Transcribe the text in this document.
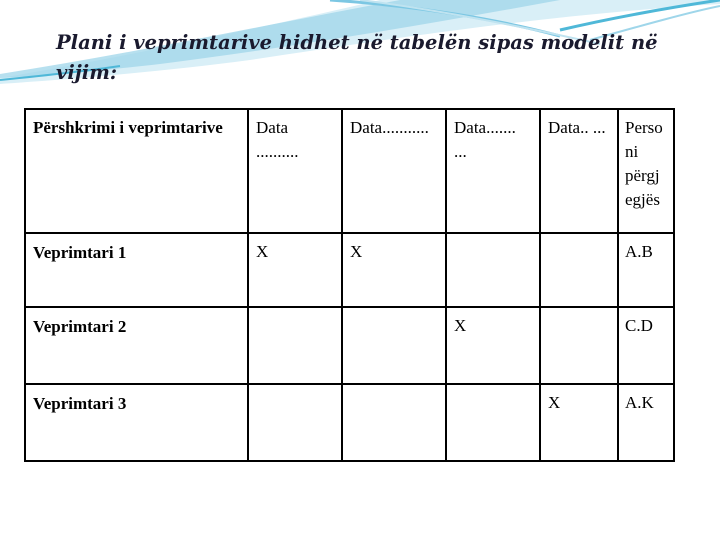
Plani i veprimtarive hidhet në tabelën sipas modelit në vijim:
Përshkrimi i veprimtarive	Data ..........	Data...........	Data....... ...	Data.. ...	Perso ni përgj egjës
Veprimtari 1	X	X			A.B
Veprimtari 2			X		C.D
Veprimtari 3				X	A.K
